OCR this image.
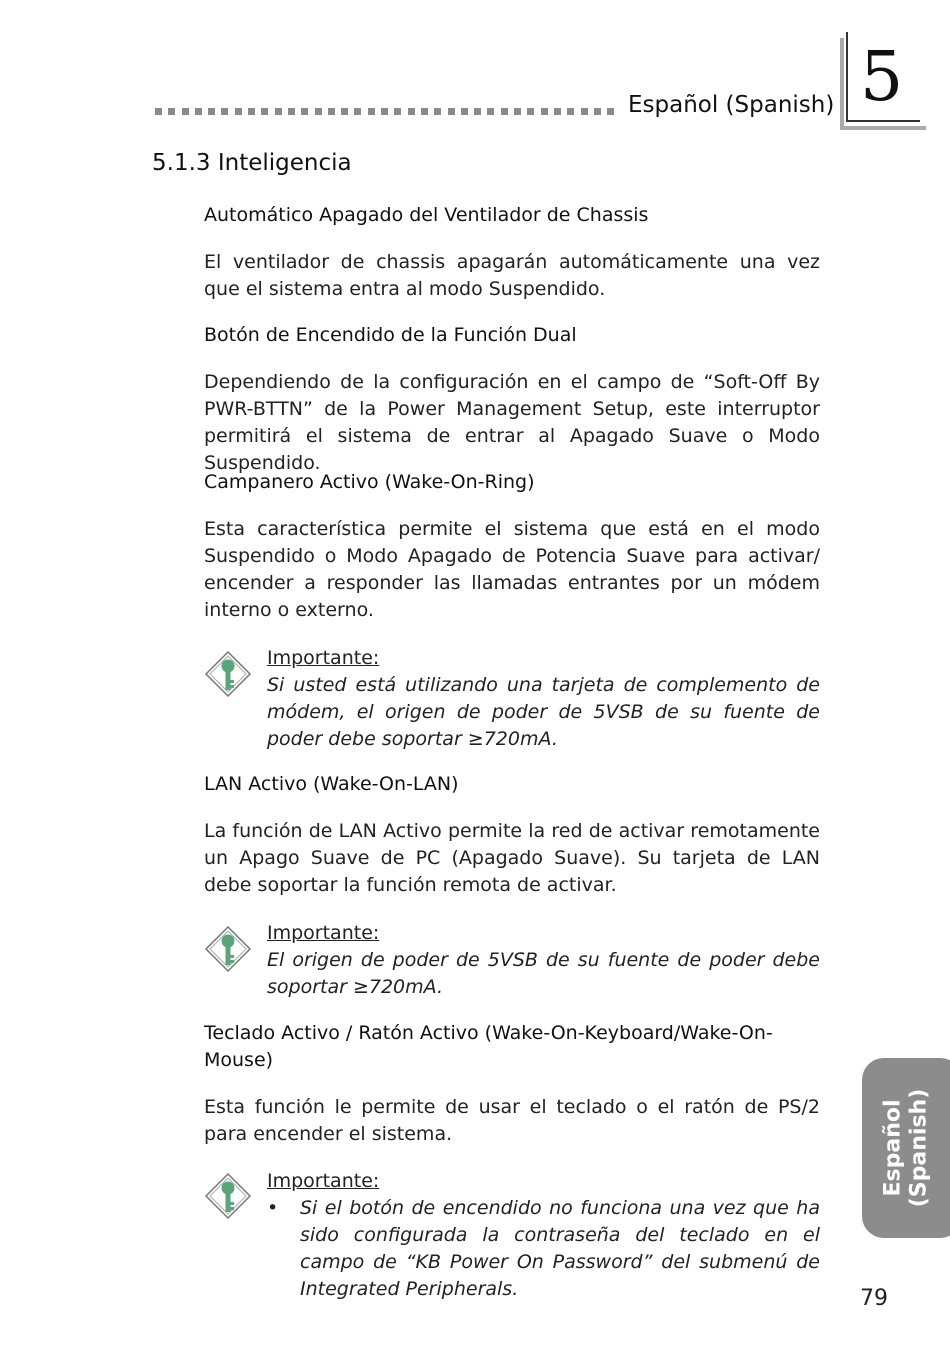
Español (Spanish) 5
5.1.3 Inteligencia
Automático Apagado del Ventilador de Chassis
El ventilador de chassis apagarán automáticamente una vez que el sistema entra al modo Suspendido.
Botón de Encendido de la Función Dual
Dependiendo de la configuración en el campo de “Soft-Off By PWR-BTTN” de la Power Management Setup, este interruptor permitirá el sistema de entrar al Apagado Suave o Modo Suspendido.
Campanero Activo (Wake-On-Ring)
Esta característica permite el sistema que está en el modo Suspendido o Modo Apagado de Potencia Suave para activar/ encender a responder las llamadas entrantes por un módem interno o externo.
Importante:
Si usted está utilizando una tarjeta de complemento de módem, el origen de poder de 5VSB de su fuente de poder debe soportar ≥720mA.
LAN Activo (Wake-On-LAN)
La función de LAN Activo permite la red de activar remotamente un Apago Suave de PC (Apagado Suave). Su tarjeta de LAN debe soportar la función remota de activar.
Importante:
El origen de poder de 5VSB de su fuente de poder debe soportar ≥720mA.
Teclado Activo / Ratón Activo (Wake-On-Keyboard/Wake-On-Mouse)
Esta función le permite de usar el teclado o el ratón de PS/2 para encender el sistema.
Importante:
•	Si el botón de encendido no funciona una vez que ha sido configurada la contraseña del teclado en el campo de “KB Power On Password” del submenú de Integrated Peripherals.
Español
(Spanish)
79
